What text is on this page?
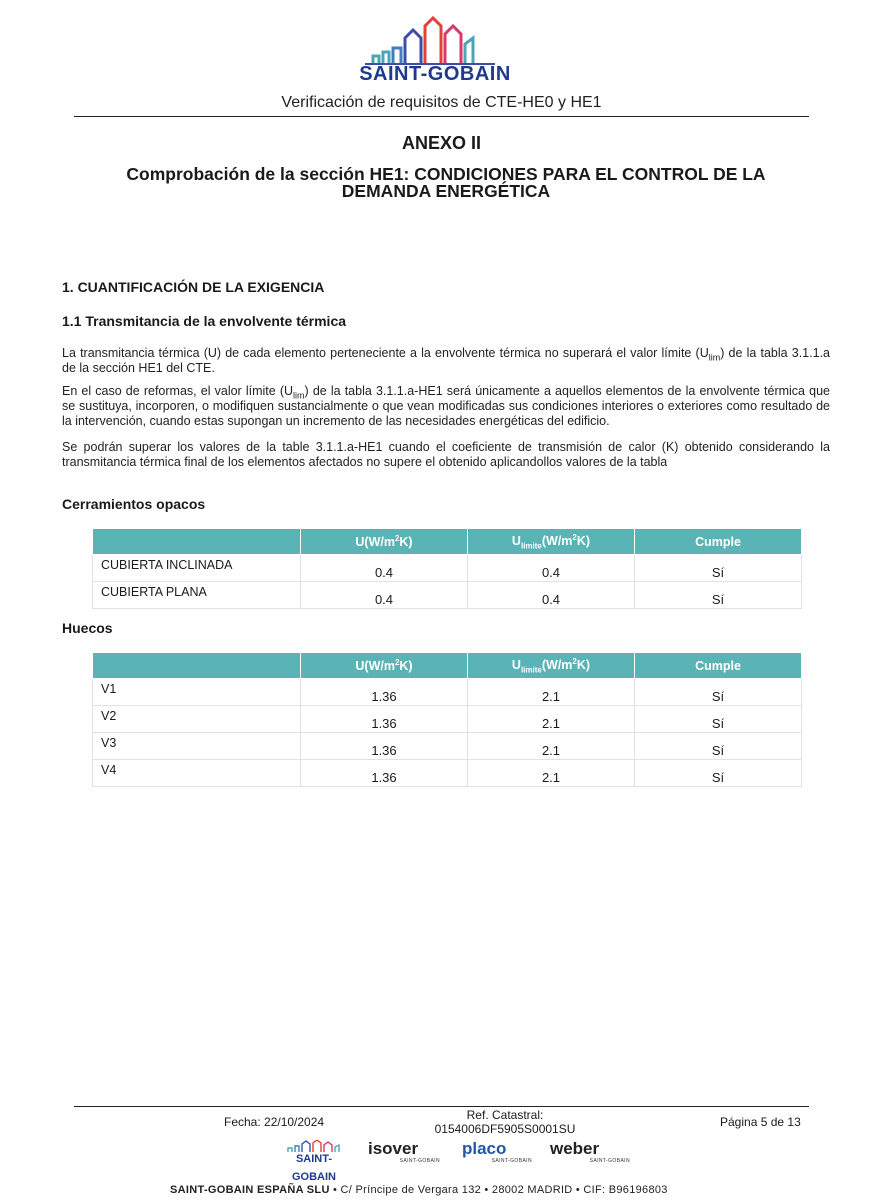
SAINT-GOBAIN
Verificación de requisitos de CTE-HE0 y HE1
ANEXO II
Comprobación de la sección HE1: CONDICIONES PARA EL CONTROL DE LA DEMANDA ENERGÉTICA
1. CUANTIFICACIÓN DE LA EXIGENCIA
1.1 Transmitancia de la envolvente térmica
La transmitancia térmica (U) de cada elemento perteneciente a la envolvente térmica no superará el valor límite $(U_{lim})$ de la tabla 3.1.1.a de la sección HE1 del CTE.
En el caso de reformas, el valor límite $(U_{lim})$ de la tabla 3.1.1.a-HE1 será únicamente a aquellos elementos de la envolvente térmica que se sustituya, incorporen, o modifiquen sustancialmente o que vean modificadas sus condiciones interiores o exteriores como resultado de la intervención, cuando estas supongan un incremento de las necesidades energéticas del edificio.
Se podrán superar los valores de la table 3.1.1.a-HE1 cuando el coeficiente de transmisión de calor (K) obtenido considerando la transmitancia térmica final de los elementos afectados no supere el obtenido aplicandollos valores de la tabla
Cerramientos opacos
	$U(W/m^2K)$	$U_{límite}(W/m^2K)$	Cumple
CUBIERTA INCLINADA	0.4	0.4	Sí
CUBIERTA PLANA	0.4	0.4	Sí
Huecos
	$U(W/m^2K)$	$U_{límite}(W/m^2K)$	Cumple
V1	1.36	2.1	Sí
V2	1.36	2.1	Sí
V3	1.36	2.1	Sí
V4	1.36	2.1	Sí
Fecha: 22/10/2024	Ref. Catastral:
0154006DF5905S0001SU	Página 5 de 13
SAINT-GOBAIN
isover
SAINT-GOBAIN
placo
SAINT-GOBAIN
weber
SAINT-GOBAIN
SAINT-GOBAIN ESPAÑA SLU • C/ Príncipe de Vergara 132 • 28002 MADRID • CIF: B96196803
